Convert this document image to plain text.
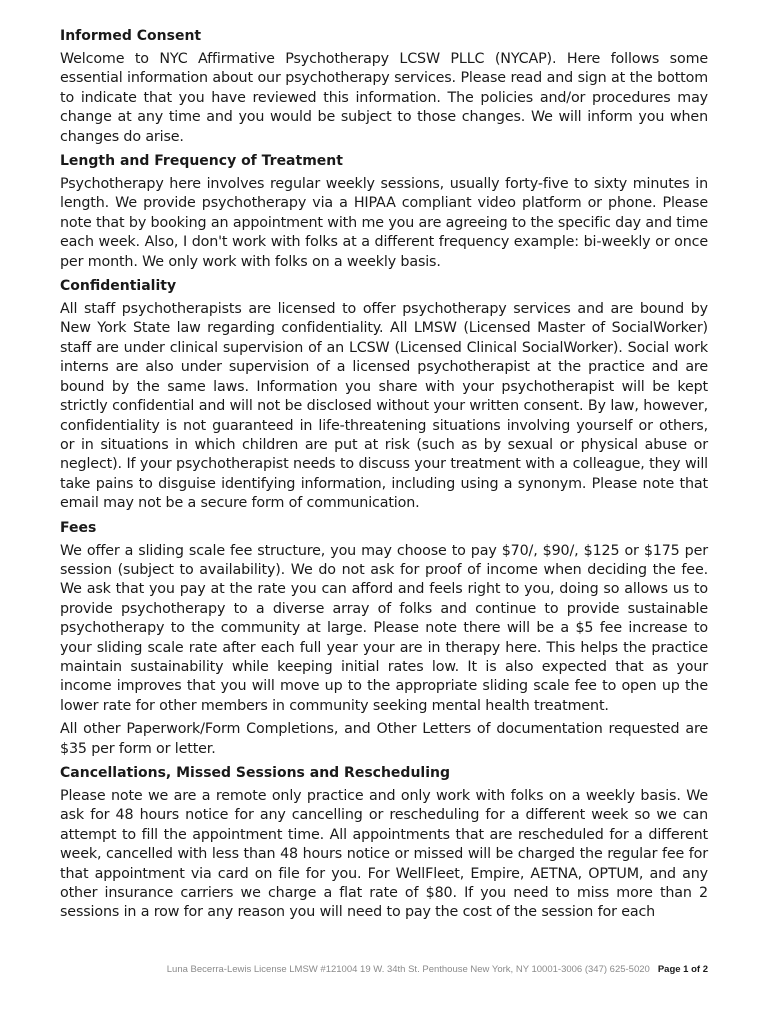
Informed Consent

Welcome to NYC Affirmative Psychotherapy LCSW PLLC (NYCAP). Here follows some essential information about our psychotherapy services. Please read and sign at the bottom to indicate that you have reviewed this information. The policies and/or procedures may change at any time and you would be subject to those changes. We will inform you when changes do arise.

Length and Frequency of Treatment

Psychotherapy here involves regular weekly sessions, usually forty-five to sixty minutes in length. We provide psychotherapy via a HIPAA compliant video platform or phone. Please note that by booking an appointment with me you are agreeing to the specific day and time each week. Also, I don't work with folks at a different frequency example: bi-weekly or once per month. We only work with folks on a weekly basis.

Confidentiality

All staff psychotherapists are licensed to offer psychotherapy services and are bound by New York State law regarding confidentiality. All LMSW (Licensed Master of SocialWorker) staff are under clinical supervision of an LCSW (Licensed Clinical SocialWorker). Social work interns are also under supervision of a licensed psychotherapist at the practice and are bound by the same laws. Information you share with your psychotherapist will be kept strictly confidential and will not be disclosed without your written consent. By law, however, confidentiality is not guaranteed in life-threatening situations involving yourself or others, or in situations in which children are put at risk (such as by sexual or physical abuse or neglect). If your psychotherapist needs to discuss your treatment with a colleague, they will take pains to disguise identifying information, including using a synonym. Please note that email may not be a secure form of communication.

Fees

We offer a sliding scale fee structure, you may choose to pay $70/, $90/, $125 or $175 per session (subject to availability). We do not ask for proof of income when deciding the fee. We ask that you pay at the rate you can afford and feels right to you, doing so allows us to provide psychotherapy to a diverse array of folks and continue to provide sustainable psychotherapy to the community at large. Please note there will be a $5 fee increase to your sliding scale rate after each full year your are in therapy here. This helps the practice maintain sustainability while keeping initial rates low. It is also expected that as your income improves that you will move up to the appropriate sliding scale fee to open up the lower rate for other members in community seeking mental health treatment.

All other Paperwork/Form Completions, and Other Letters of documentation requested are $35 per form or letter.

Cancellations, Missed Sessions and Rescheduling

Please note we are a remote only practice and only work with folks on a weekly basis. We ask for 48 hours notice for any cancelling or rescheduling for a different week so we can attempt to fill the appointment time. All appointments that are rescheduled for a different week, cancelled with less than 48 hours notice or missed will be charged the regular fee for that appointment via card on file for you. For WellFleet, Empire, AETNA, OPTUM, and any other insurance carriers we charge a flat rate of $80. If you need to miss more than 2 sessions in a row for any reason you will need to pay the cost of the session for each

Luna Becerra-Lewis License LMSW #121004 19 W. 34th St. Penthouse New York, NY 10001-3006 (347) 625-5020 Page 1 of 2
